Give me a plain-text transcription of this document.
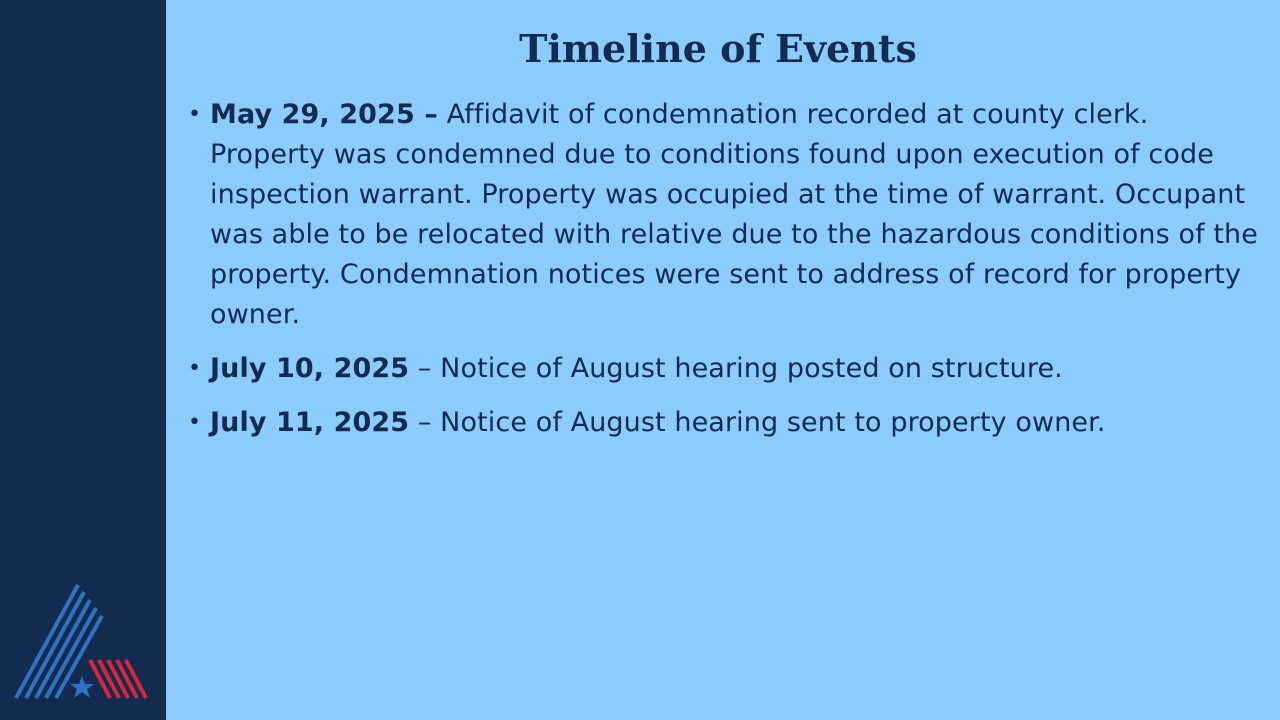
Timeline of Events
• May 29, 2025 – Affidavit of condemnation recorded at county clerk. Property was condemned due to conditions found upon execution of code inspection warrant. Property was occupied at the time of warrant. Occupant was able to be relocated with relative due to the hazardous conditions of the property. Condemnation notices were sent to address of record for property owner.
• July 10, 2025 – Notice of August hearing posted on structure.
• July 11, 2025 – Notice of August hearing sent to property owner.
